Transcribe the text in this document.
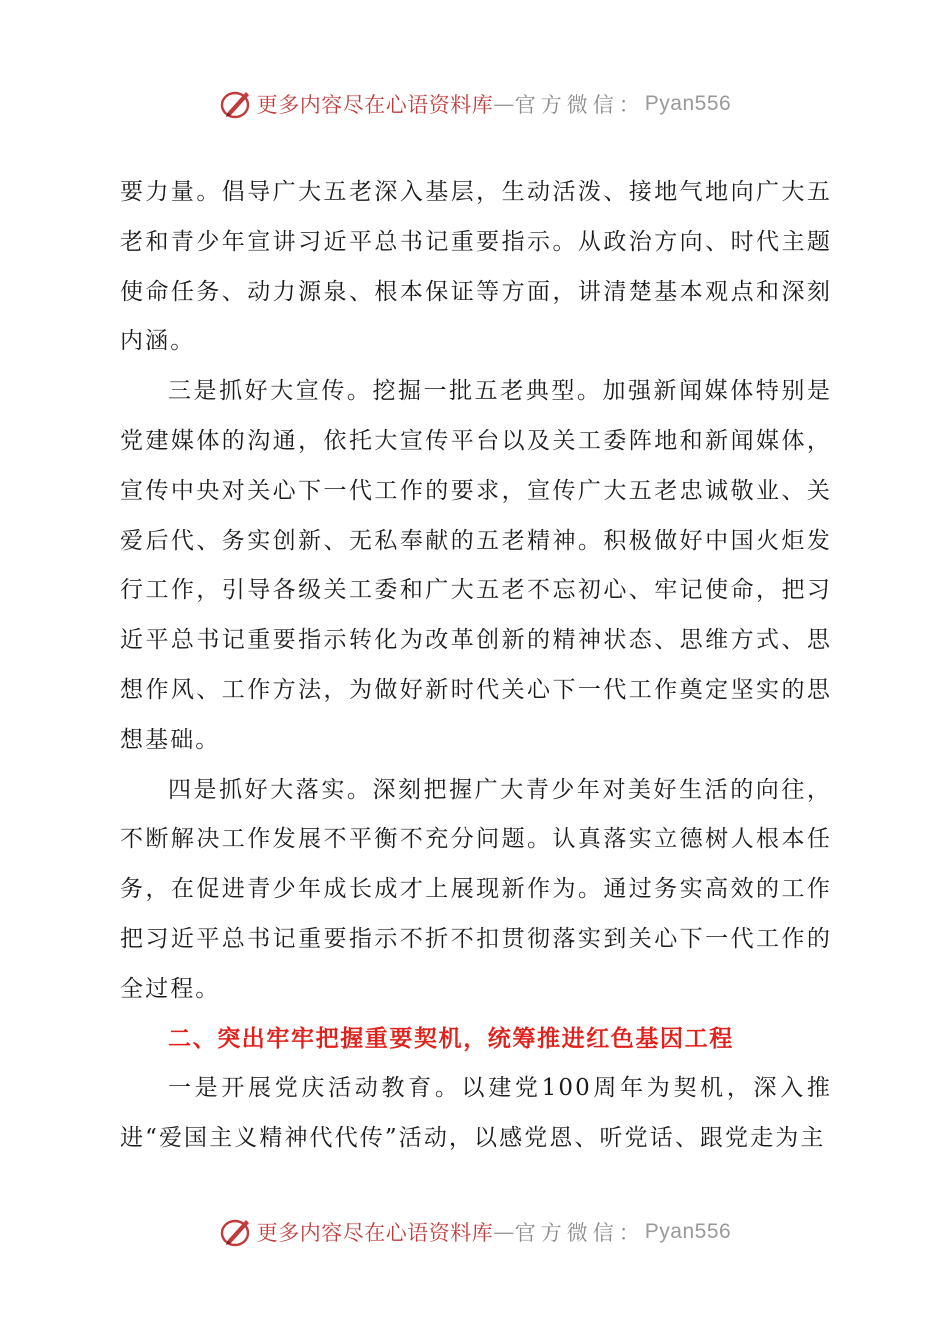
更多内容尽在心语资料库 — 官方微信： Pyan556

要力量。倡导广大五老深入基层，生动活泼、接地气地向广大五老和青少年宣讲习近平总书记重要指示。从政治方向、时代主题使命任务、动力源泉、根本保证等方面，讲清楚基本观点和深刻内涵。

三是抓好大宣传。挖掘一批五老典型。加强新闻媒体特别是党建媒体的沟通，依托大宣传平台以及关工委阵地和新闻媒体，宣传中央对关心下一代工作的要求，宣传广大五老忠诚敬业、关爱后代、务实创新、无私奉献的五老精神。积极做好中国火炬发行工作，引导各级关工委和广大五老不忘初心、牢记使命，把习近平总书记重要指示转化为改革创新的精神状态、思维方式、思想作风、工作方法，为做好新时代关心下一代工作奠定坚实的思想基础。

四是抓好大落实。深刻把握广大青少年对美好生活的向往，不断解决工作发展不平衡不充分问题。认真落实立德树人根本任务，在促进青少年成长成才上展现新作为。通过务实高效的工作把习近平总书记重要指示不折不扣贯彻落实到关心下一代工作的全过程。

二、突出牢牢把握重要契机，统筹推进红色基因工程

一是开展党庆活动教育。以建党100周年为契机，深入推进“爱国主义精神代代传”活动，以感党恩、听党话、跟党走为主

更多内容尽在心语资料库 — 官方微信： Pyan556
